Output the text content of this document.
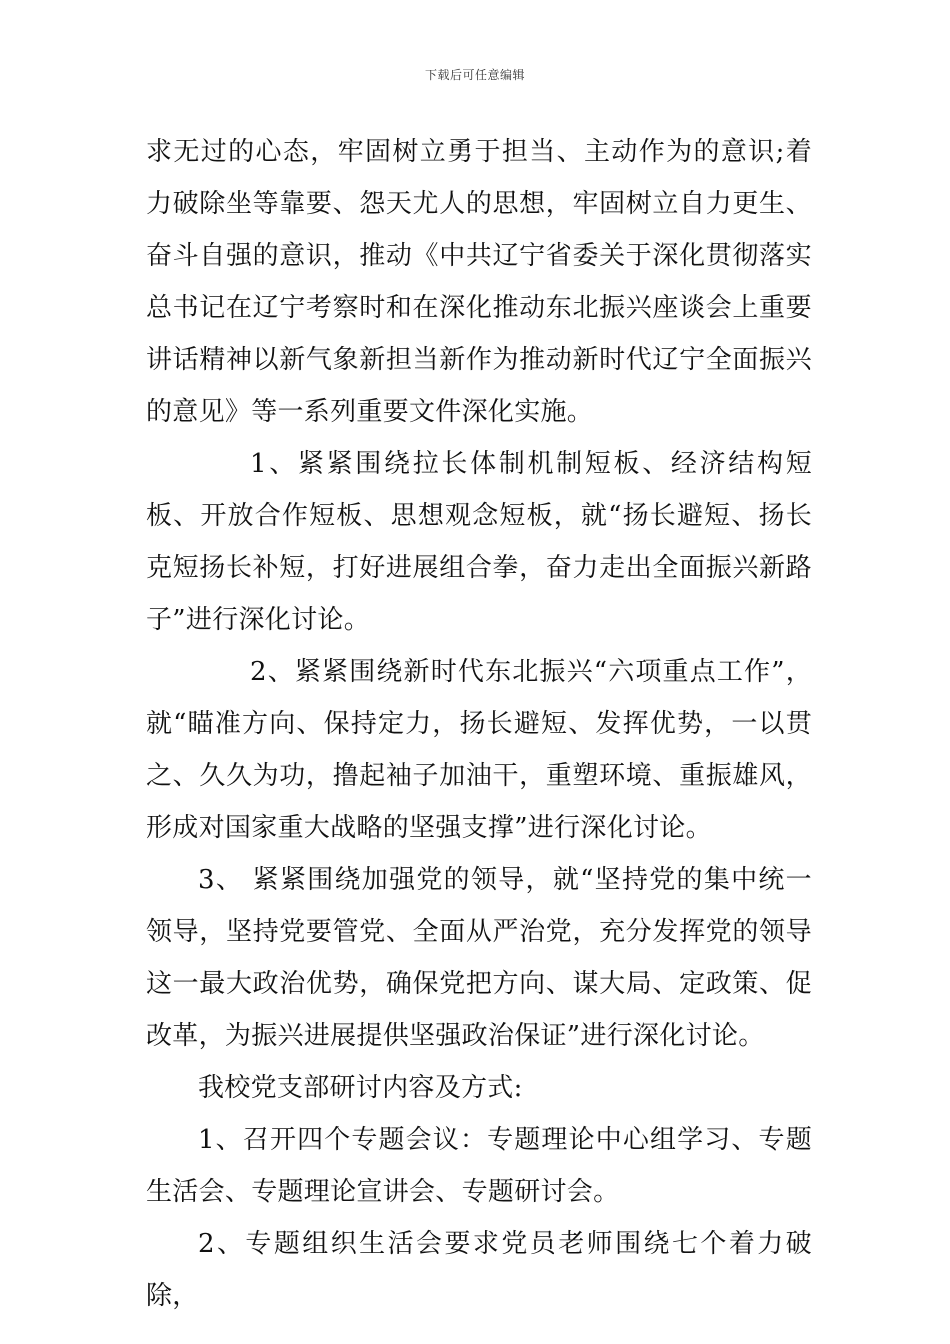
下载后可任意编辑

求无过的心态，牢固树立勇于担当、主动作为的意识;着力破除坐等靠要、怨天尤人的思想，牢固树立自力更生、奋斗自强的意识，推动《中共辽宁省委关于深化贯彻落实总书记在辽宁考察时和在深化推动东北振兴座谈会上重要讲话精神以新气象新担当新作为推动新时代辽宁全面振兴的意见》等一系列重要文件深化实施。

1、紧紧围绕拉长体制机制短板、经济结构短板、开放合作短板、思想观念短板，就“扬长避短、扬长克短扬长补短，打好进展组合拳，奋力走出全面振兴新路子”进行深化讨论。

2、紧紧围绕新时代东北振兴“六项重点工作”，就“瞄准方向、保持定力，扬长避短、发挥优势，一以贯之、久久为功，撸起袖子加油干，重塑环境、重振雄风，形成对国家重大战略的坚强支撑”进行深化讨论。

3、 紧紧围绕加强党的领导，就“坚持党的集中统一领导，坚持党要管党、全面从严治党，充分发挥党的领导这一最大政治优势，确保党把方向、谋大局、定政策、促改革，为振兴进展提供坚强政治保证”进行深化讨论。

我校党支部研讨内容及方式:

1、召开四个专题会议：专题理论中心组学习、专题生活会、专题理论宣讲会、专题研讨会。

2、专题组织生活会要求党员老师围绕七个着力破除，
